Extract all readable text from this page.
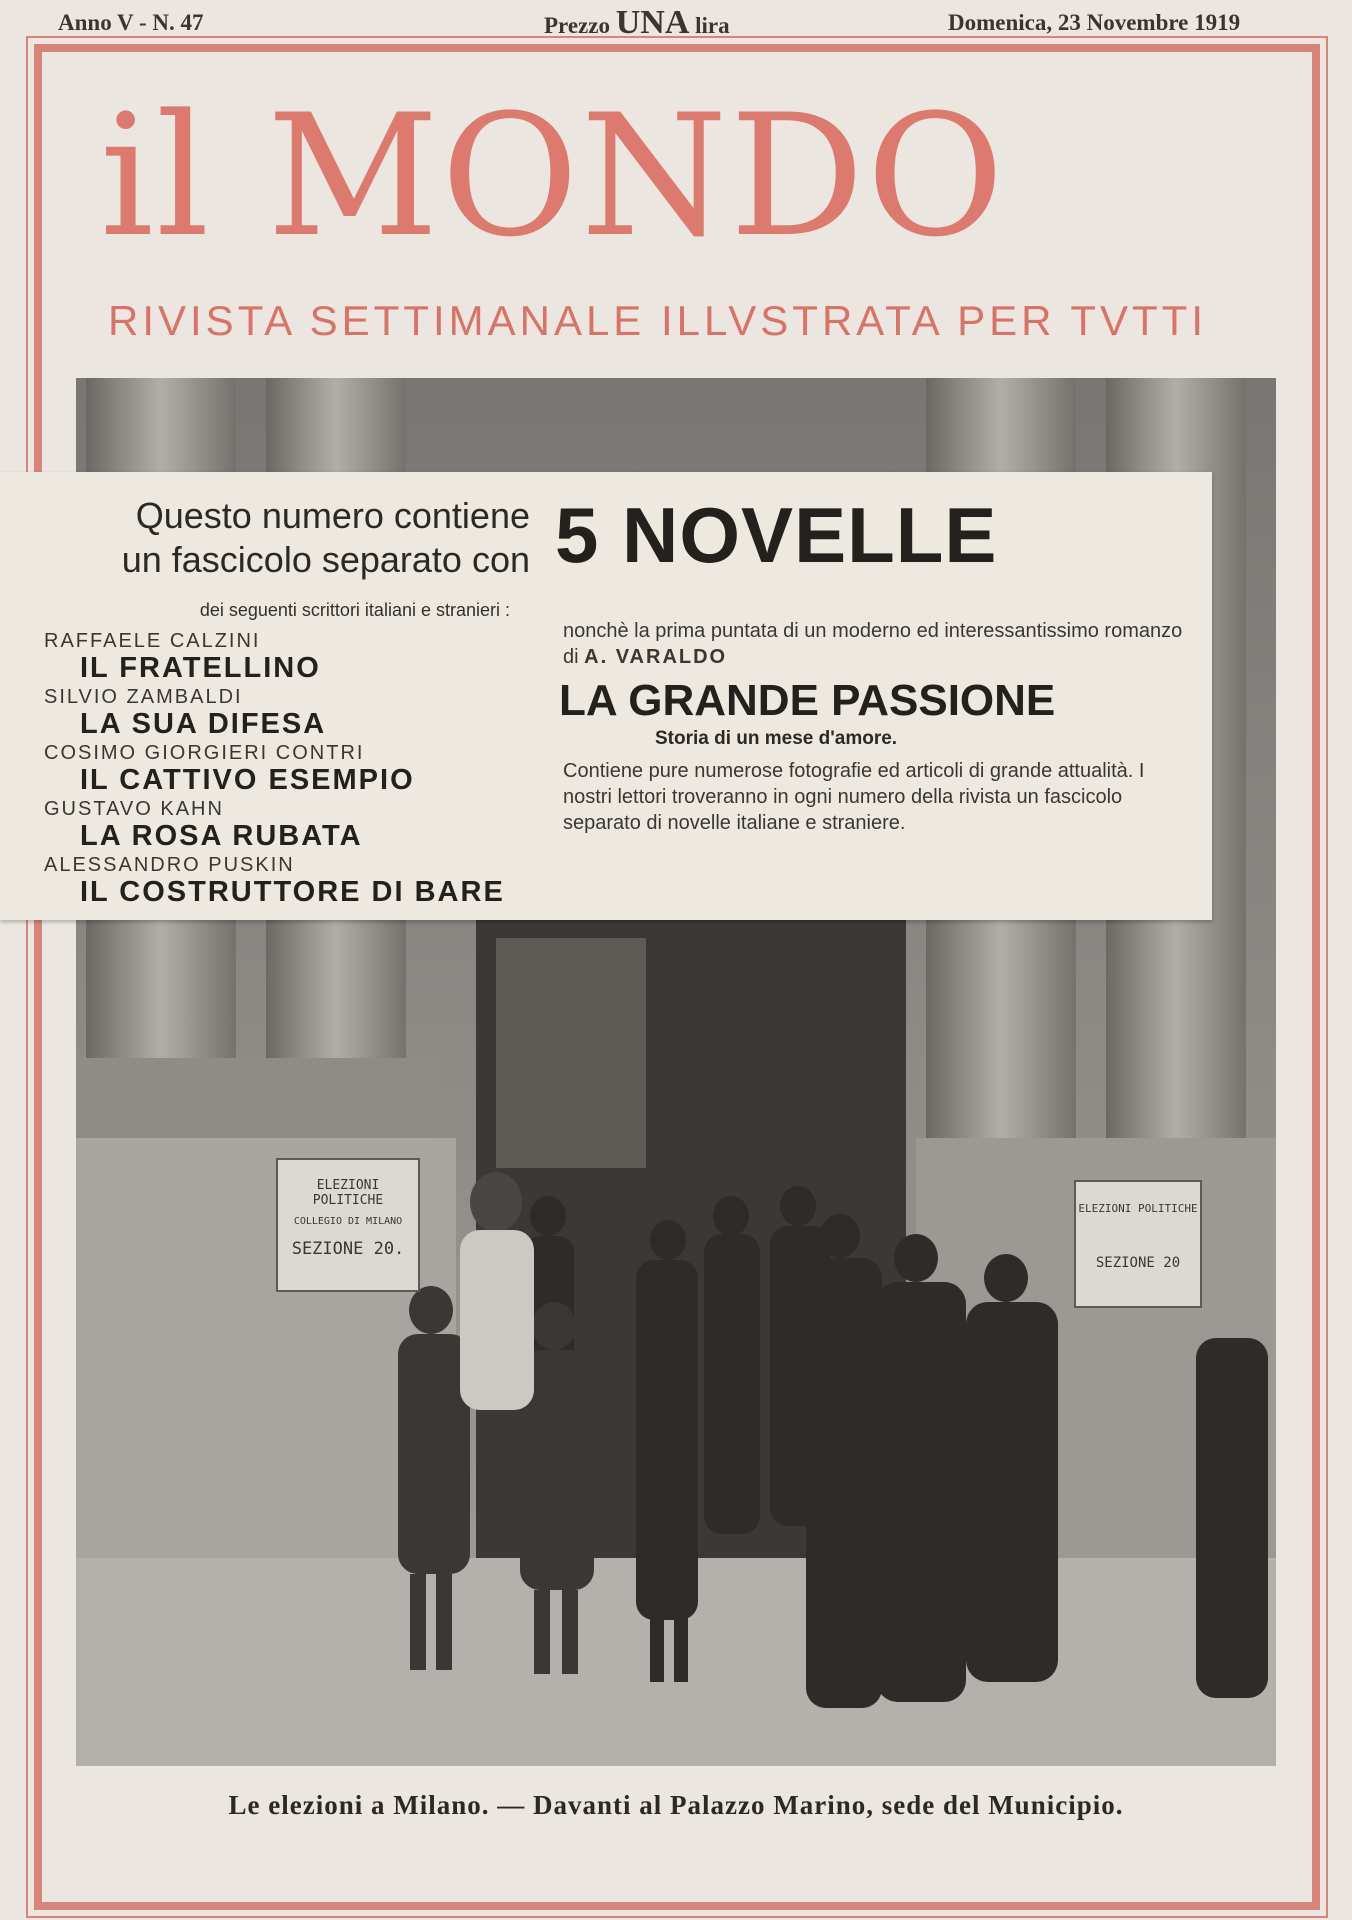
Anno V - N. 47	Prezzo UNA lira	Domenica, 23 Novembre 1919
il MONDO
RIVISTA SETTIMANALE ILLVSTRATA PER TVTTI
ELEZIONI POLITICHE
COLLEGIO DI MILANO
SEZIONE 20.
ELEZIONI POLITICHE
SEZIONE 20
Questo numero contiene
un fascicolo separato con
dei seguenti scrittori italiani e stranieri :
RAFFAELE CALZINI
IL FRATELLINO
SILVIO ZAMBALDI
LA SUA DIFESA
COSIMO GIORGIERI CONTRI
IL CATTIVO ESEMPIO
GUSTAVO KAHN
LA ROSA RUBATA
ALESSANDRO PUSKIN
IL COSTRUTTORE DI BARE
5 NOVELLE
nonchè la prima puntata di un moderno ed interessantissimo romanzo di A. VARALDO
LA GRANDE PASSIONE
Storia di un mese d'amore.
Contiene pure numerose fotografie ed articoli di grande attualità. I nostri lettori troveranno in ogni numero della rivista un fascicolo separato di novelle italiane e straniere.
Le elezioni a Milano. — Davanti al Palazzo Marino, sede del Municipio.
